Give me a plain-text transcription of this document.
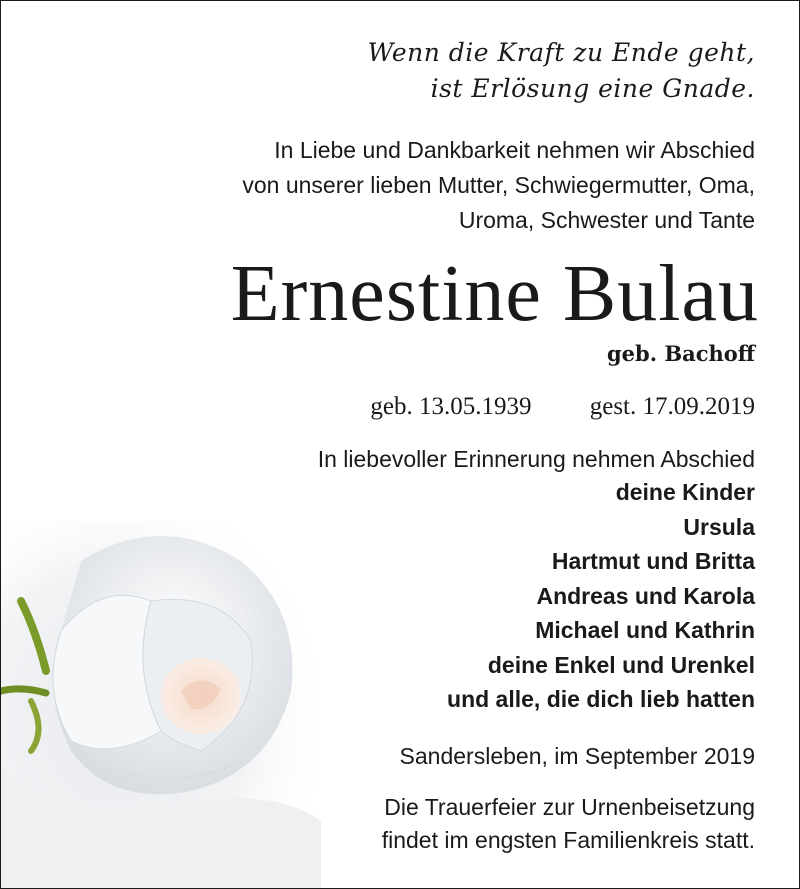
Wenn die Kraft zu Ende geht,
ist Erlösung eine Gnade.
In Liebe und Dankbarkeit nehmen wir Abschied
von unserer lieben Mutter, Schwiegermutter, Oma,
Uroma, Schwester und Tante
Ernestine Bulau
geb. Bachoff
geb. 13.05.1939 gest. 17.09.2019
In liebevoller Erinnerung nehmen Abschied
deine Kinder
Ursula
Hartmut und Britta
Andreas und Karola
Michael und Kathrin
deine Enkel und Urenkel
und alle, die dich lieb hatten
Sandersleben, im September 2019
Die Trauerfeier zur Urnenbeisetzung
findet im engsten Familienkreis statt.
